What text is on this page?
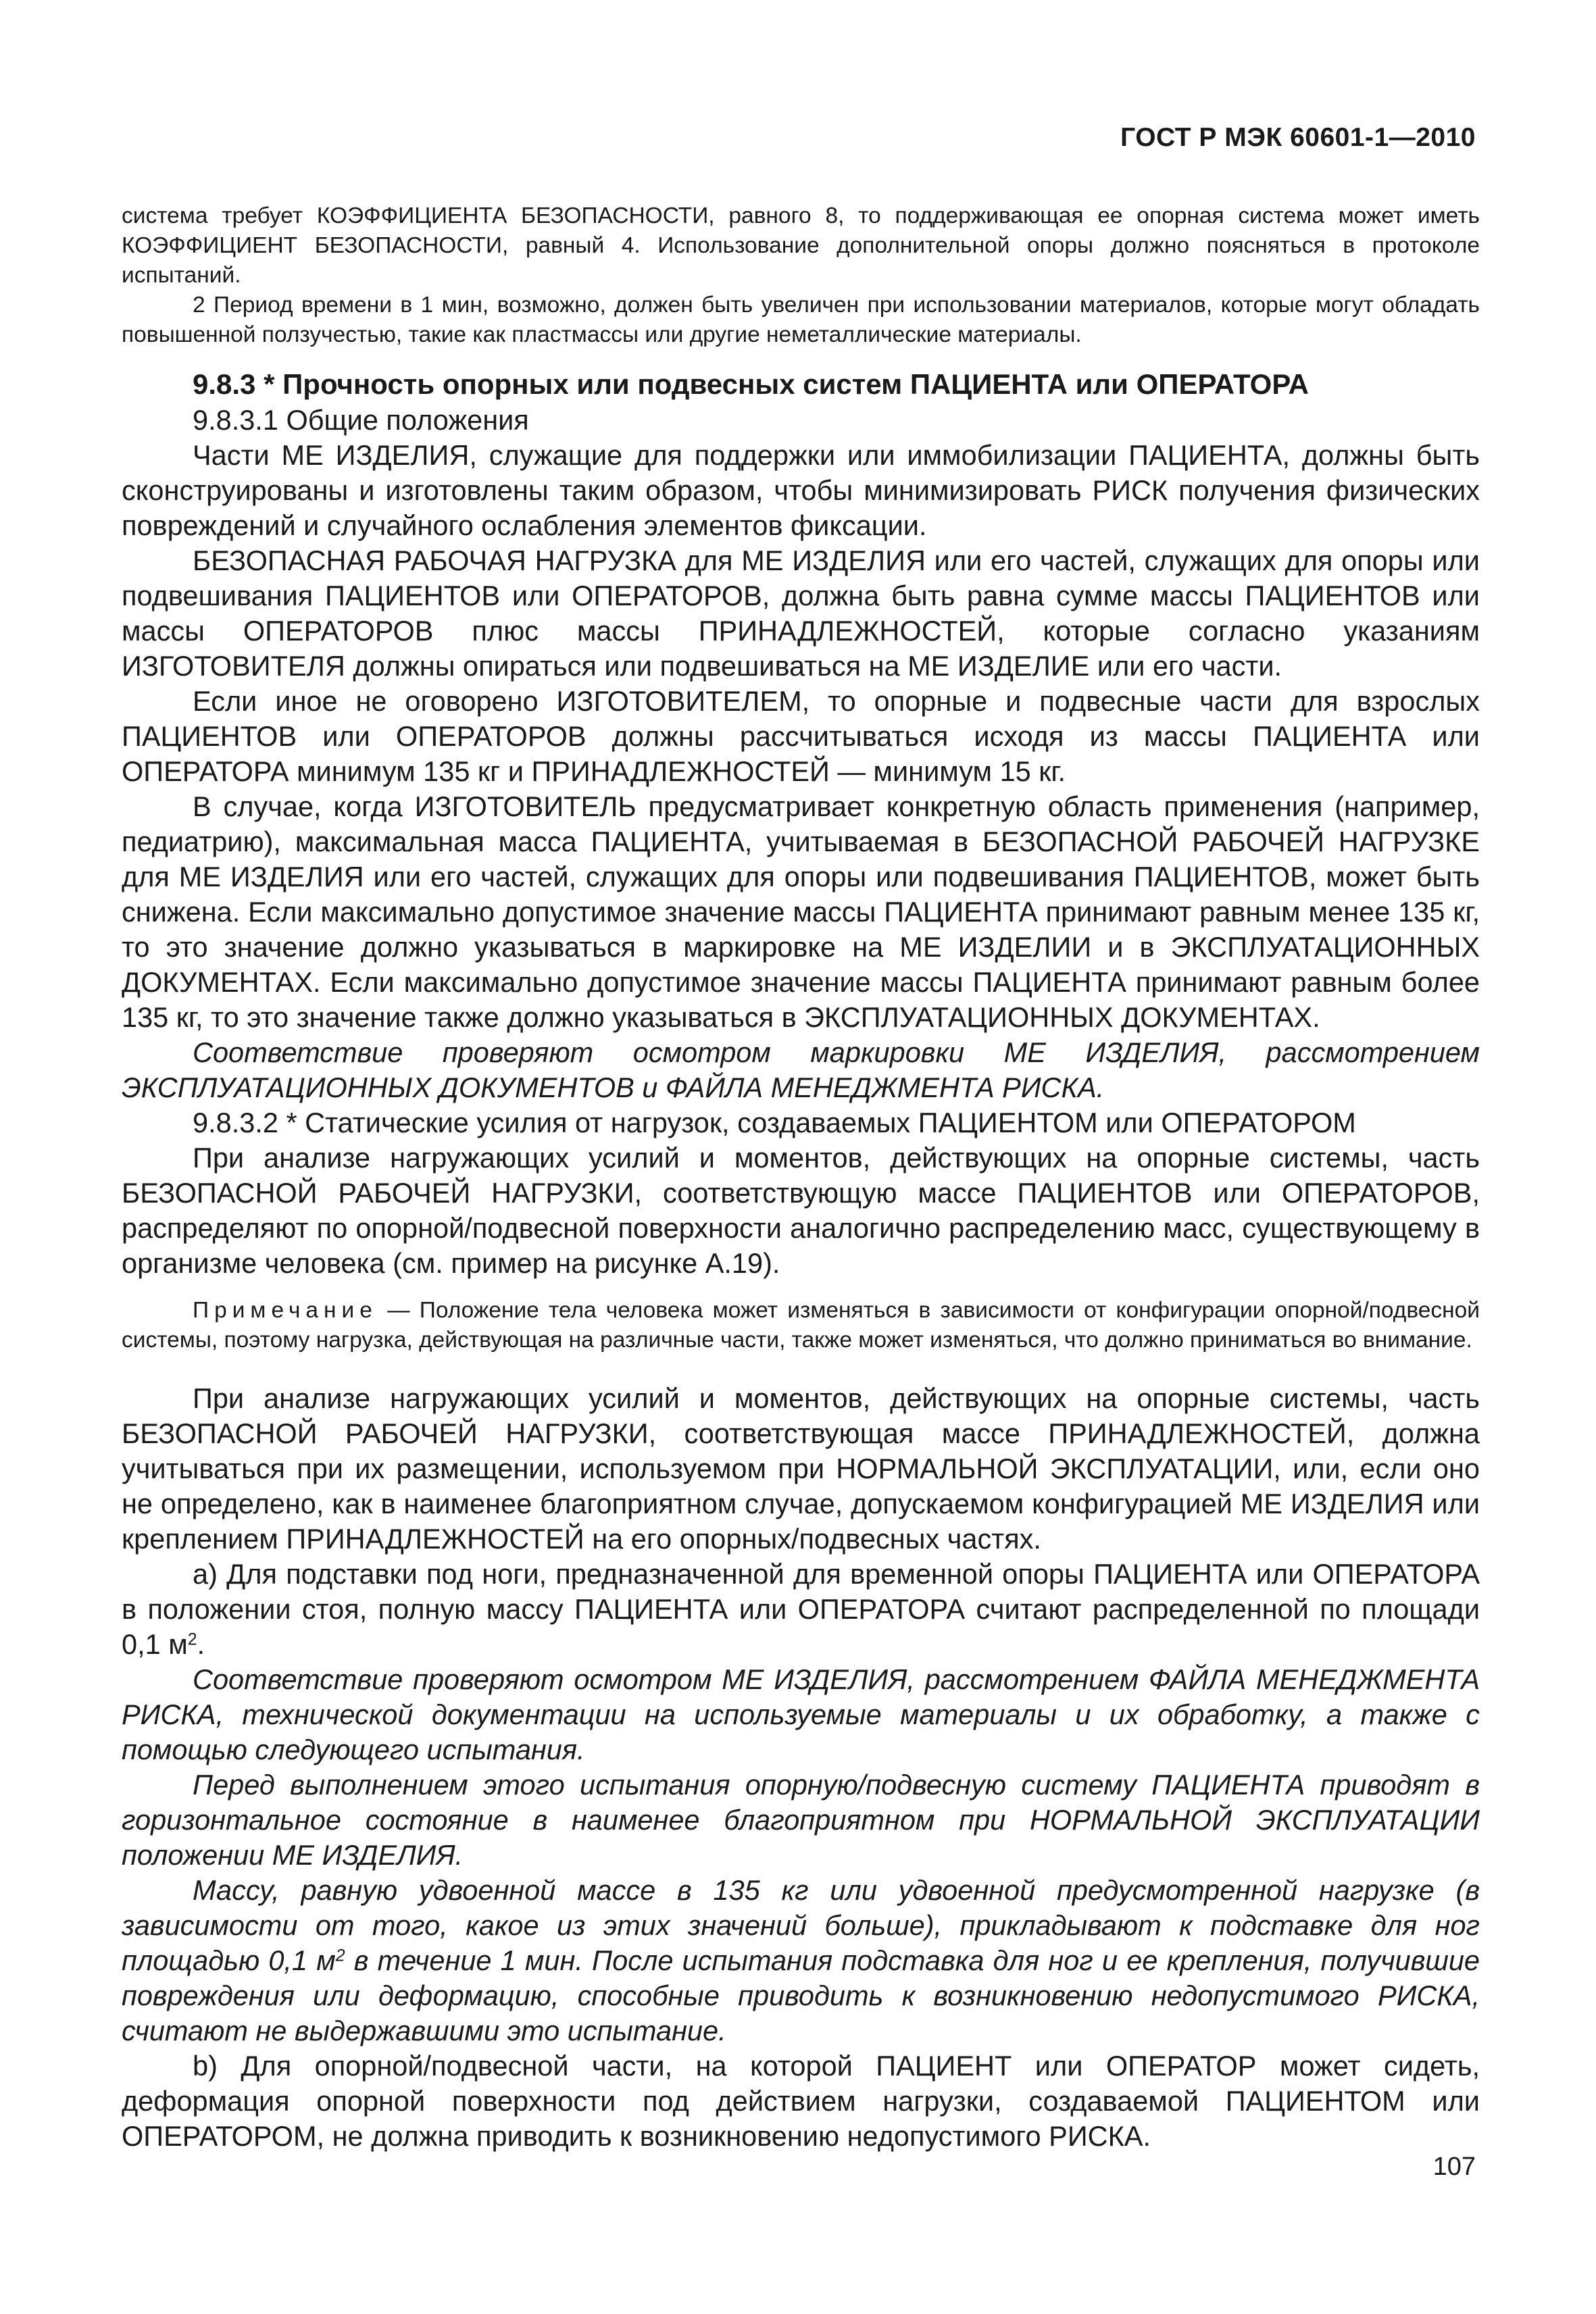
ГОСТ Р МЭК 60601-1—2010

система требует КОЭФФИЦИЕНТА БЕЗОПАСНОСТИ, равного 8, то поддерживающая ее опорная система может иметь КОЭФФИЦИЕНТ БЕЗОПАСНОСТИ, равный 4. Использование дополнительной опоры должно поясняться в протоколе испытаний.

2 Период времени в 1 мин, возможно, должен быть увеличен при использовании материалов, которые могут обладать повышенной ползучестью, такие как пластмассы или другие неметаллические материалы.

9.8.3 * Прочность опорных или подвесных систем ПАЦИЕНТА или ОПЕРАТОРА

9.8.3.1 Общие положения

Части МЕ ИЗДЕЛИЯ, служащие для поддержки или иммобилизации ПАЦИЕНТА, должны быть сконструированы и изготовлены таким образом, чтобы минимизировать РИСК получения физических повреждений и случайного ослабления элементов фиксации.

БЕЗОПАСНАЯ РАБОЧАЯ НАГРУЗКА для МЕ ИЗДЕЛИЯ или его частей, служащих для опоры или подвешивания ПАЦИЕНТОВ или ОПЕРАТОРОВ, должна быть равна сумме массы ПАЦИЕНТОВ или массы ОПЕРАТОРОВ плюс массы ПРИНАДЛЕЖНОСТЕЙ, которые согласно указаниям ИЗГОТОВИТЕЛЯ должны опираться или подвешиваться на МЕ ИЗДЕЛИЕ или его части.

Если иное не оговорено ИЗГОТОВИТЕЛЕМ, то опорные и подвесные части для взрослых ПАЦИЕНТОВ или ОПЕРАТОРОВ должны рассчитываться исходя из массы ПАЦИЕНТА или ОПЕРАТОРА минимум 135 кг и ПРИНАДЛЕЖНОСТЕЙ — минимум 15 кг.

В случае, когда ИЗГОТОВИТЕЛЬ предусматривает конкретную область применения (например, педиатрию), максимальная масса ПАЦИЕНТА, учитываемая в БЕЗОПАСНОЙ РАБОЧЕЙ НАГРУЗКЕ для МЕ ИЗДЕЛИЯ или его частей, служащих для опоры или подвешивания ПАЦИЕНТОВ, может быть снижена. Если максимально допустимое значение массы ПАЦИЕНТА принимают равным менее 135 кг, то это значение должно указываться в маркировке на МЕ ИЗДЕЛИИ и в ЭКСПЛУАТАЦИОННЫХ ДОКУМЕНТАХ. Если максимально допустимое значение массы ПАЦИЕНТА принимают равным более 135 кг, то это значение также должно указываться в ЭКСПЛУАТАЦИОННЫХ ДОКУМЕНТАХ.

Соответствие проверяют осмотром маркировки МЕ ИЗДЕЛИЯ, рассмотрением ЭКСПЛУАТАЦИОННЫХ ДОКУМЕНТОВ и ФАЙЛА МЕНЕДЖМЕНТА РИСКА.

9.8.3.2 * Статические усилия от нагрузок, создаваемых ПАЦИЕНТОМ или ОПЕРАТОРОМ

При анализе нагружающих усилий и моментов, действующих на опорные системы, часть БЕЗОПАСНОЙ РАБОЧЕЙ НАГРУЗКИ, соответствующую массе ПАЦИЕНТОВ или ОПЕРАТОРОВ, распределяют по опорной/подвесной поверхности аналогично распределению масс, существующему в организме человека (см. пример на рисунке А.19).

Примечание — Положение тела человека может изменяться в зависимости от конфигурации опорной/подвесной системы, поэтому нагрузка, действующая на различные части, также может изменяться, что должно приниматься во внимание.

При анализе нагружающих усилий и моментов, действующих на опорные системы, часть БЕЗОПАСНОЙ РАБОЧЕЙ НАГРУЗКИ, соответствующая массе ПРИНАДЛЕЖНОСТЕЙ, должна учитываться при их размещении, используемом при НОРМАЛЬНОЙ ЭКСПЛУАТАЦИИ, или, если оно не определено, как в наименее благоприятном случае, допускаемом конфигурацией МЕ ИЗДЕЛИЯ или креплением ПРИНАДЛЕЖНОСТЕЙ на его опорных/подвесных частях.

а) Для подставки под ноги, предназначенной для временной опоры ПАЦИЕНТА или ОПЕРАТОРА в положении стоя, полную массу ПАЦИЕНТА или ОПЕРАТОРА считают распределенной по площади 0,1 $м^2$.

Соответствие проверяют осмотром МЕ ИЗДЕЛИЯ, рассмотрением ФАЙЛА МЕНЕДЖМЕНТА РИСКА, технической документации на используемые материалы и их обработку, а также с помощью следующего испытания.

Перед выполнением этого испытания опорную/подвесную систему ПАЦИЕНТА приводят в горизонтальное состояние в наименее благоприятном при НОРМАЛЬНОЙ ЭКСПЛУАТАЦИИ положении МЕ ИЗДЕЛИЯ.

Массу, равную удвоенной массе в 135 кг или удвоенной предусмотренной нагрузке (в зависимости от того, какое из этих значений больше), прикладывают к подставке для ног площадью 0,1 $м^2$ в течение 1 мин. После испытания подставка для ног и ее крепления, получившие повреждения или деформацию, способные приводить к возникновению недопустимого РИСКА, считают не выдержавшими это испытание.

b) Для опорной/подвесной части, на которой ПАЦИЕНТ или ОПЕРАТОР может сидеть, деформация опорной поверхности под действием нагрузки, создаваемой ПАЦИЕНТОМ или ОПЕРАТОРОМ, не должна приводить к возникновению недопустимого РИСКА.

107
